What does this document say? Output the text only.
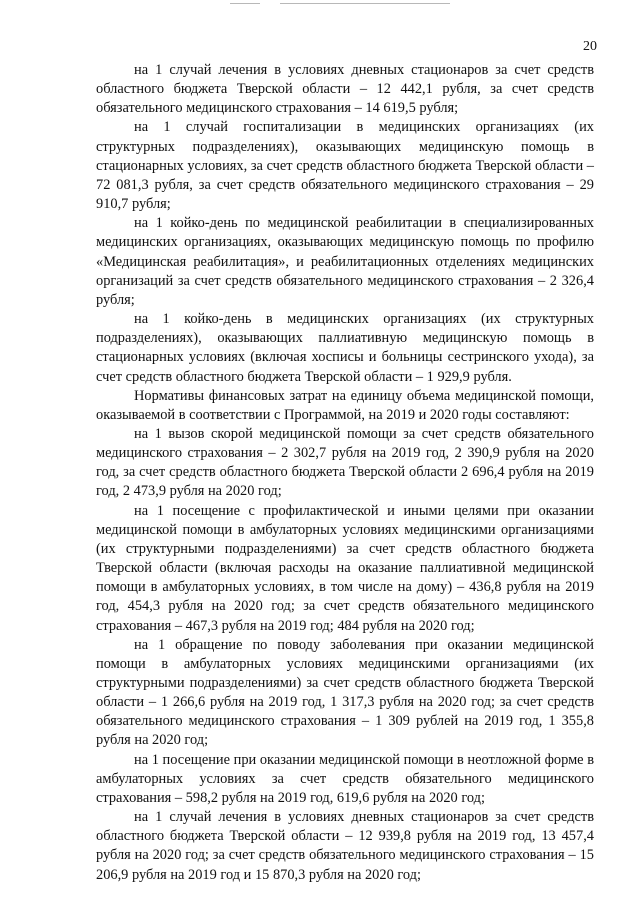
20

на 1 случай лечения в условиях дневных стационаров за счет средств областного бюджета Тверской области – 12 442,1 рубля, за счет средств обязательного медицинского страхования – 14 619,5 рубля;

на 1 случай госпитализации в медицинских организациях (их структурных подразделениях), оказывающих медицинскую помощь в стационарных условиях, за счет средств областного бюджета Тверской области – 72 081,3 рубля, за счет средств обязательного медицинского страхования – 29 910,7 рубля;

на 1 койко-день по медицинской реабилитации в специализированных медицинских организациях, оказывающих медицинскую помощь по профилю «Медицинская реабилитация», и реабилитационных отделениях медицинских организаций за счет средств обязательного медицинского страхования – 2 326,4 рубля;

на 1 койко-день в медицинских организациях (их структурных подразделениях), оказывающих паллиативную медицинскую помощь в стационарных условиях (включая хосписы и больницы сестринского ухода), за счет средств областного бюджета Тверской области – 1 929,9 рубля.

Нормативы финансовых затрат на единицу объема медицинской помощи, оказываемой в соответствии с Программой, на 2019 и 2020 годы составляют:

на 1 вызов скорой медицинской помощи за счет средств обязательного медицинского страхования – 2 302,7 рубля на 2019 год, 2 390,9 рубля на 2020 год, за счет средств областного бюджета Тверской области 2 696,4 рубля на 2019 год, 2 473,9 рубля на 2020 год;

на 1 посещение с профилактической и иными целями при оказании медицинской помощи в амбулаторных условиях медицинскими организациями (их структурными подразделениями) за счет средств областного бюджета Тверской области (включая расходы на оказание паллиативной медицинской помощи в амбулаторных условиях, в том числе на дому) – 436,8 рубля на 2019 год, 454,3 рубля на 2020 год; за счет средств обязательного медицинского страхования – 467,3 рубля на 2019 год; 484 рубля на 2020 год;

на 1 обращение по поводу заболевания при оказании медицинской помощи в амбулаторных условиях медицинскими организациями (их структурными подразделениями) за счет средств областного бюджета Тверской области – 1 266,6 рубля на 2019 год, 1 317,3 рубля на 2020 год; за счет средств обязательного медицинского страхования – 1 309 рублей на 2019 год, 1 355,8 рубля на 2020 год;

на 1 посещение при оказании медицинской помощи в неотложной форме в амбулаторных условиях за счет средств обязательного медицинского страхования – 598,2 рубля на 2019 год, 619,6 рубля на 2020 год;

на 1 случай лечения в условиях дневных стационаров за счет средств областного бюджета Тверской области – 12 939,8 рубля на 2019 год, 13 457,4 рубля на 2020 год; за счет средств обязательного медицинского страхования – 15 206,9 рубля на 2019 год и 15 870,3 рубля на 2020 год;
